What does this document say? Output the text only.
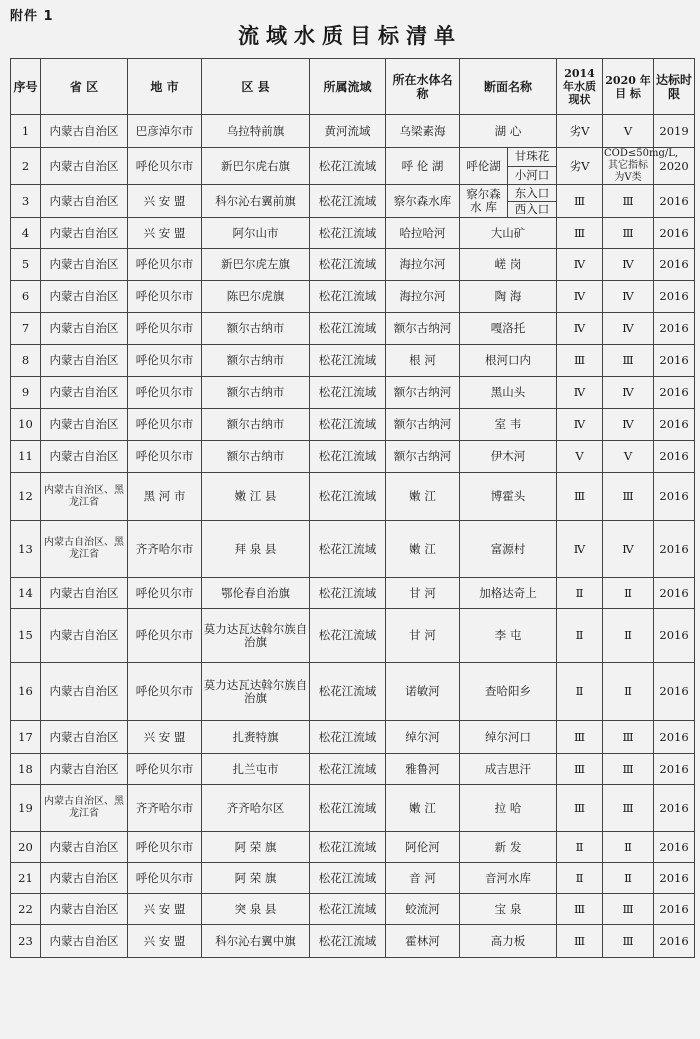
附件 1
流域水质目标清单
序号	省 区	地 市	区 县	所属流域	所在水体名 称	断面名称		2014 年水质现状	2020 年目 标	达标时限
1	内蒙古自治区	巴彦淖尔市	乌拉特前旗	黄河流域	乌梁素海	湖 心		劣Ⅴ	Ⅴ	2019
2	内蒙古自治区	呼伦贝尔市	新巴尔虎右旗	松花江流域	呼 伦 湖	呼伦湖	甘珠花	劣Ⅴ	COD≤50mg/L,其它指标为Ⅴ类	2020
							小河口			
3	内蒙古自治区	兴 安 盟	科尔沁右翼前旗	松花江流域	察尔森水库	察尔森水 库	东入口	Ⅲ	Ⅲ	2016
							西入口			
4	内蒙古自治区	兴 安 盟	阿尔山市	松花江流域	哈拉哈河	大山矿		Ⅲ	Ⅲ	2016
5	内蒙古自治区	呼伦贝尔市	新巴尔虎左旗	松花江流域	海拉尔河	嵯 岗		Ⅳ	Ⅳ	2016
6	内蒙古自治区	呼伦贝尔市	陈巴尔虎旗	松花江流域	海拉尔河	陶 海		Ⅳ	Ⅳ	2016
7	内蒙古自治区	呼伦贝尔市	额尔古纳市	松花江流域	额尔古纳河	嘎洛托		Ⅳ	Ⅳ	2016
8	内蒙古自治区	呼伦贝尔市	额尔古纳市	松花江流域	根 河	根河口内		Ⅲ	Ⅲ	2016
9	内蒙古自治区	呼伦贝尔市	额尔古纳市	松花江流域	额尔古纳河	黑山头		Ⅳ	Ⅳ	2016
10	内蒙古自治区	呼伦贝尔市	额尔古纳市	松花江流域	额尔古纳河	室 韦		Ⅳ	Ⅳ	2016
11	内蒙古自治区	呼伦贝尔市	额尔古纳市	松花江流域	额尔古纳河	伊木河		Ⅴ	Ⅴ	2016
12	内蒙古自治区、黑龙江省	黑 河 市	嫩 江 县	松花江流域	嫩 江	博霍头		Ⅲ	Ⅲ	2016
13	内蒙古自治区、黑龙江省	齐齐哈尔市	拜 泉 县	松花江流域	嫩 江	富源村		Ⅳ	Ⅳ	2016
14	内蒙古自治区	呼伦贝尔市	鄂伦春自治旗	松花江流域	甘 河	加格达奇上		Ⅱ	Ⅱ	2016
15	内蒙古自治区	呼伦贝尔市	莫力达瓦达斡尔族自治旗	松花江流域	甘 河	李 屯		Ⅱ	Ⅱ	2016
16	内蒙古自治区	呼伦贝尔市	莫力达瓦达斡尔族自治旗	松花江流域	诺敏河	查哈阳乡		Ⅱ	Ⅱ	2016
17	内蒙古自治区	兴 安 盟	扎赉特旗	松花江流域	绰尔河	绰尔河口		Ⅲ	Ⅲ	2016
18	内蒙古自治区	呼伦贝尔市	扎兰屯市	松花江流域	雅鲁河	成吉思汗		Ⅲ	Ⅲ	2016
19	内蒙古自治区、黑龙江省	齐齐哈尔市	齐齐哈尔区	松花江流域	嫩 江	拉 哈		Ⅲ	Ⅲ	2016
20	内蒙古自治区	呼伦贝尔市	阿 荣 旗	松花江流域	阿伦河	新 发		Ⅱ	Ⅱ	2016
21	内蒙古自治区	呼伦贝尔市	阿 荣 旗	松花江流域	音 河	音河水库		Ⅱ	Ⅱ	2016
22	内蒙古自治区	兴 安 盟	突 泉 县	松花江流域	蛟流河	宝 泉		Ⅲ	Ⅲ	2016
23	内蒙古自治区	兴 安 盟	科尔沁右翼中旗	松花江流域	霍林河	高力板		Ⅲ	Ⅲ	2016
